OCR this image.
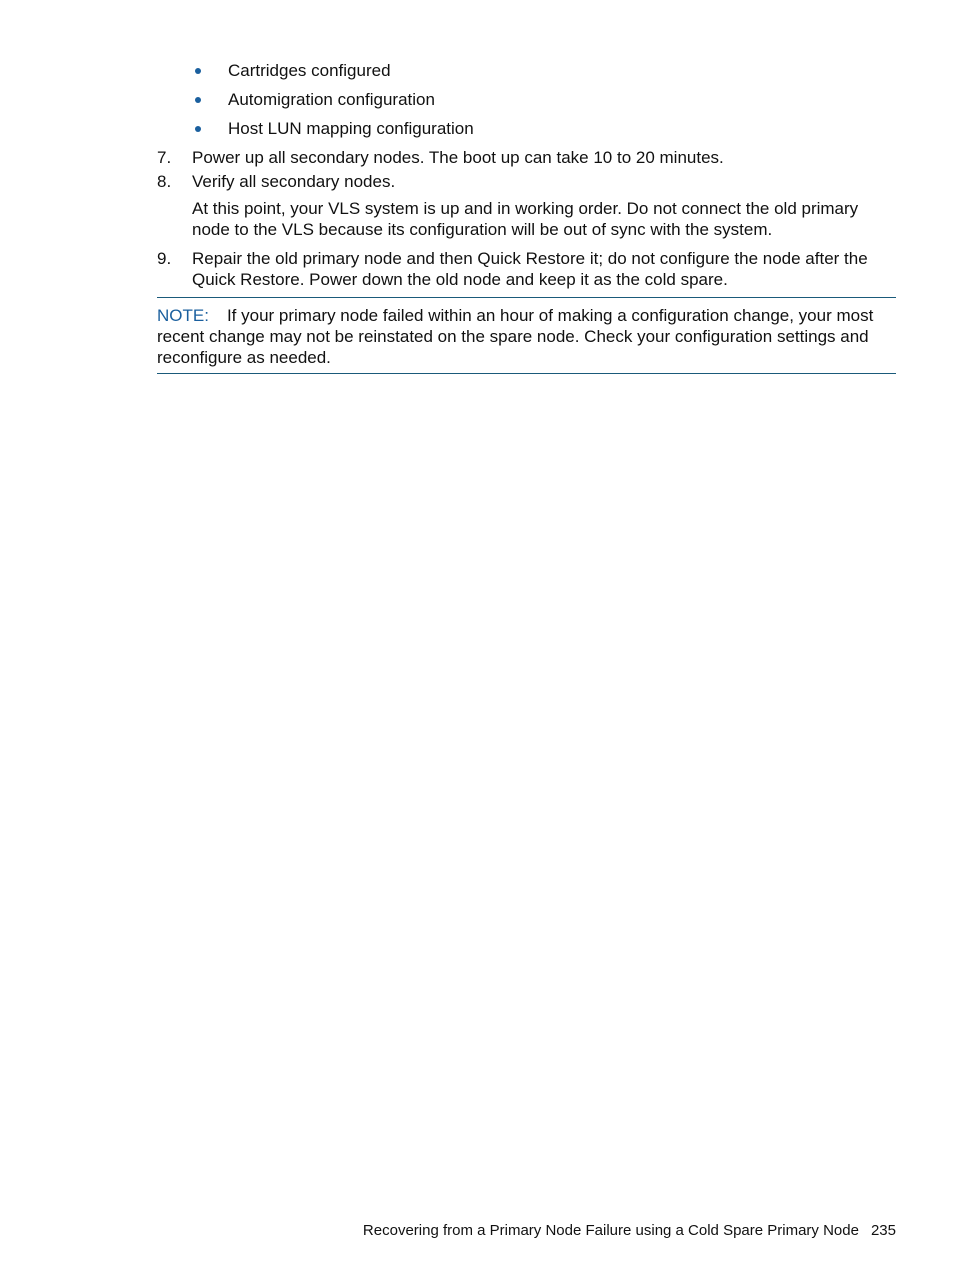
Cartridges configured
Automigration configuration
Host LUN mapping configuration
7.	Power up all secondary nodes. The boot up can take 10 to 20 minutes.
8.	Verify all secondary nodes.
At this point, your VLS system is up and in working order. Do not connect the old primary node to the VLS because its configuration will be out of sync with the system.
9.	Repair the old primary node and then Quick Restore it; do not configure the node after the Quick Restore. Power down the old node and keep it as the cold spare.
NOTE: If your primary node failed within an hour of making a configuration change, your most recent change may not be reinstated on the spare node. Check your configuration settings and reconfigure as needed.
Recovering from a Primary Node Failure using a Cold Spare Primary Node 235
